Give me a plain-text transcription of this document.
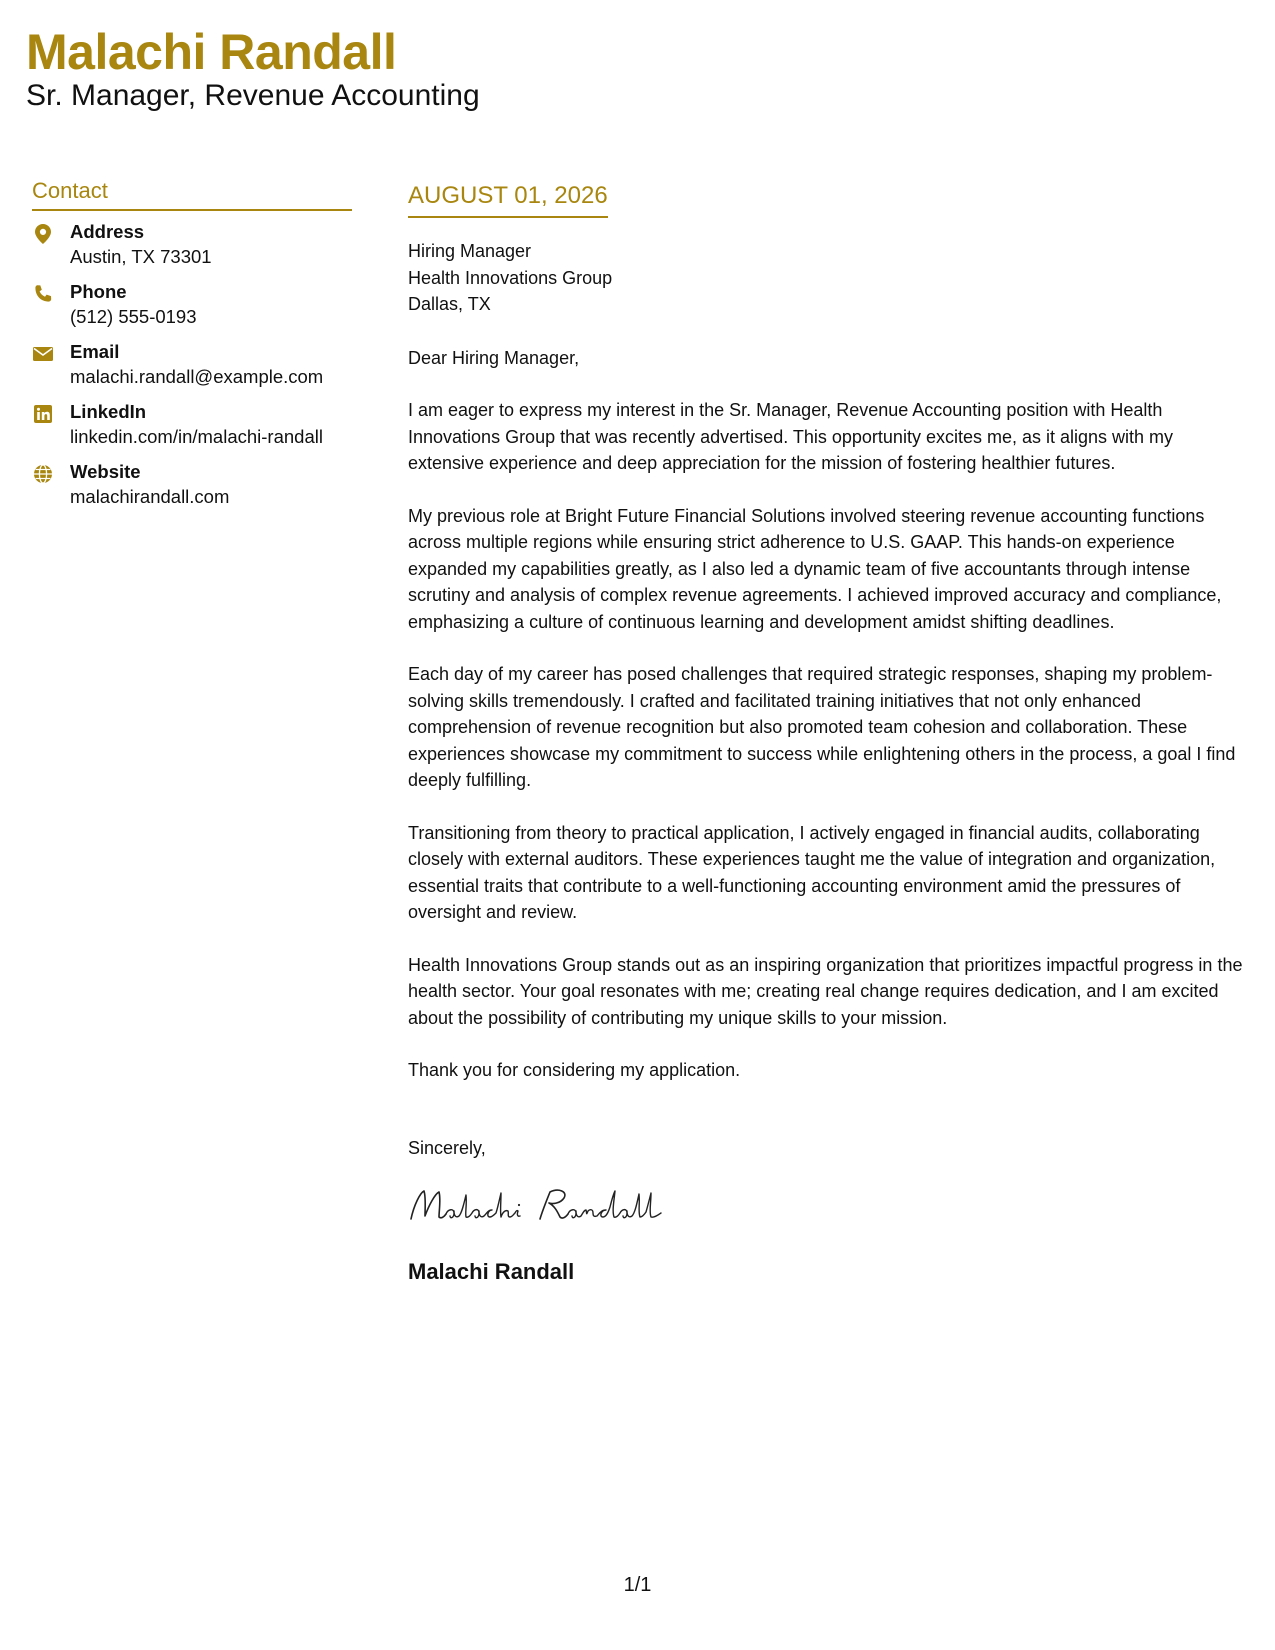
Malachi Randall
Sr. Manager, Revenue Accounting
Contact
Address
Austin, TX 73301
Phone
(512) 555-0193
Email
malachi.randall@example.com
LinkedIn
linkedin.com/in/malachi-randall
Website
malachirandall.com
AUGUST 01, 2026
Hiring Manager
Health Innovations Group
Dallas, TX
Dear Hiring Manager,

I am eager to express my interest in the Sr. Manager, Revenue Accounting position with Health Innovations Group that was recently advertised. This opportunity excites me, as it aligns with my extensive experience and deep appreciation for the mission of fostering healthier futures.

My previous role at Bright Future Financial Solutions involved steering revenue accounting functions across multiple regions while ensuring strict adherence to U.S. GAAP. This hands-on experience expanded my capabilities greatly, as I also led a dynamic team of five accountants through intense scrutiny and analysis of complex revenue agreements. I achieved improved accuracy and compliance, emphasizing a culture of continuous learning and development amidst shifting deadlines.

Each day of my career has posed challenges that required strategic responses, shaping my problem-solving skills tremendously. I crafted and facilitated training initiatives that not only enhanced comprehension of revenue recognition but also promoted team cohesion and collaboration. These experiences showcase my commitment to success while enlightening others in the process, a goal I find deeply fulfilling.

Transitioning from theory to practical application, I actively engaged in financial audits, collaborating closely with external auditors. These experiences taught me the value of integration and organization, essential traits that contribute to a well-functioning accounting environment amid the pressures of oversight and review.

Health Innovations Group stands out as an inspiring organization that prioritizes impactful progress in the health sector. Your goal resonates with me; creating real change requires dedication, and I am excited about the possibility of contributing my unique skills to your mission.

Thank you for considering my application.

Sincerely,
Malachi Randall
1/1
